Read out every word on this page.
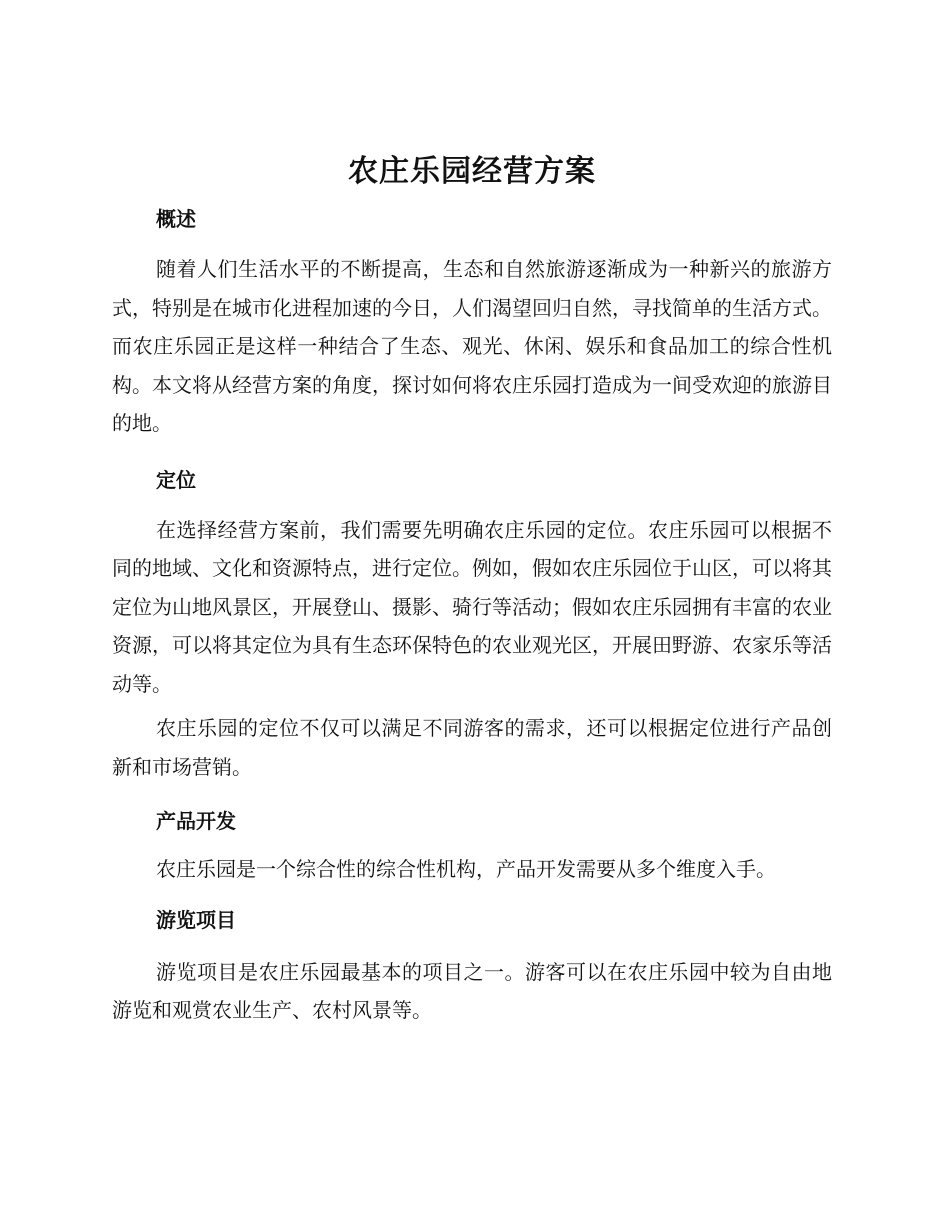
农庄乐园经营方案
概述

随着人们生活水平的不断提高，生态和自然旅游逐渐成为一种新兴的旅游方式，特别是在城市化进程加速的今日，人们渴望回归自然，寻找简单的生活方式。而农庄乐园正是这样一种结合了生态、观光、休闲、娱乐和食品加工的综合性机构。本文将从经营方案的角度，探讨如何将农庄乐园打造成为一间受欢迎的旅游目的地。

定位

在选择经营方案前，我们需要先明确农庄乐园的定位。农庄乐园可以根据不同的地域、文化和资源特点，进行定位。例如，假如农庄乐园位于山区，可以将其定位为山地风景区，开展登山、摄影、骑行等活动；假如农庄乐园拥有丰富的农业资源，可以将其定位为具有生态环保特色的农业观光区，开展田野游、农家乐等活动等。

农庄乐园的定位不仅可以满足不同游客的需求，还可以根据定位进行产品创新和市场营销。

产品开发

农庄乐园是一个综合性的综合性机构，产品开发需要从多个维度入手。

游览项目

游览项目是农庄乐园最基本的项目之一。游客可以在农庄乐园中较为自由地游览和观赏农业生产、农村风景等。
